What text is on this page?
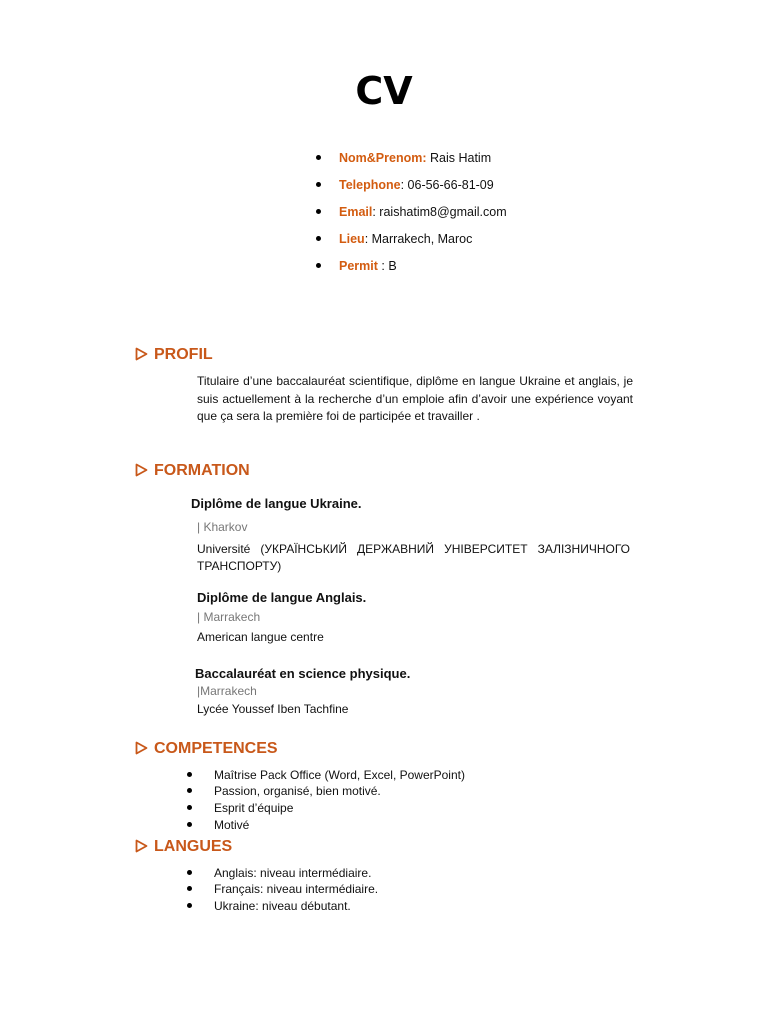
CV
Nom&Prenom: Rais Hatim
Telephone: 06-56-66-81-09
Email: raishatim8@gmail.com
Lieu: Marrakech, Maroc
Permit : B
PROFIL
Titulaire d’une baccalauréat scientifique, diplôme en langue Ukraine et anglais, je suis actuellement à la recherche d’un emploie afin d’avoir une expérience voyant que ça sera la première foi de participée et travailler .
FORMATION
Diplôme de langue Ukraine.
| Kharkov
Université (УКРАЇНСЬКИЙ ДЕРЖАВНИЙ УНІВЕРСИТЕТ ЗАЛІЗНИЧНОГО ТРАНСПОРТУ)
Diplôme de langue Anglais.
| Marrakech
American langue centre
Baccalauréat en science physique.
|Marrakech
Lycée Youssef Iben Tachfine
COMPETENCES
Maîtrise Pack Office (Word, Excel, PowerPoint)
Passion, organisé, bien motivé.
Esprit d’équipe
Motivé
LANGUES
Anglais: niveau intermédiaire.
Français: niveau intermédiaire.
Ukraine: niveau débutant.
